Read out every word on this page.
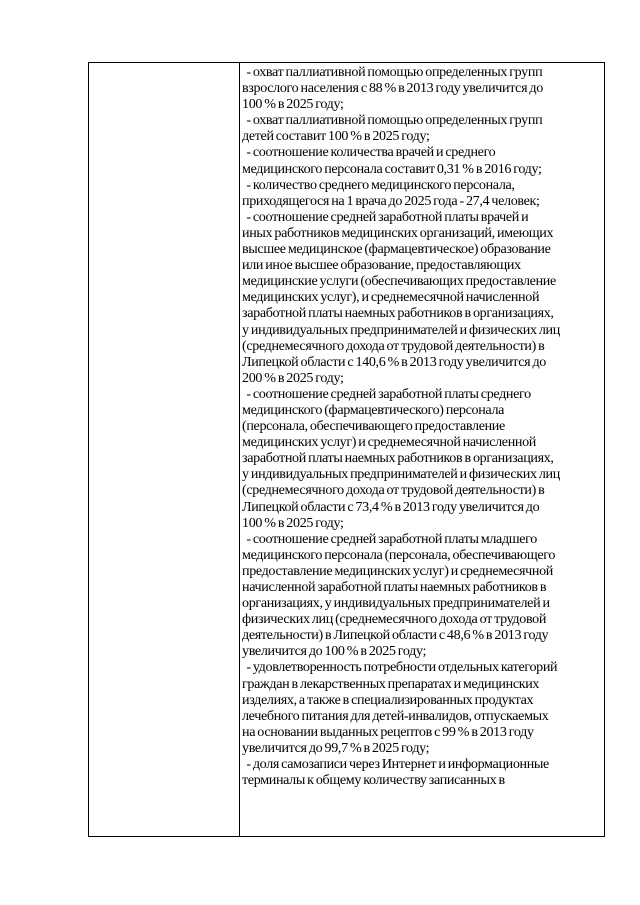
- охват паллиативной помощью определенных групп
взрослого населения с 88 % в 2013 году увеличится до
100 % в 2025 году;
- охват паллиативной помощью определенных групп
детей составит 100 % в 2025 году;
- соотношение количества врачей и среднего
медицинского персонала составит 0,31 % в 2016 году;
- количество среднего медицинского персонала,
приходящегося на 1 врача до 2025 года - 27,4 человек;
- соотношение средней заработной платы врачей и
иных работников медицинских организаций, имеющих
высшее медицинское (фармацевтическое) образование
или иное высшее образование, предоставляющих
медицинские услуги (обеспечивающих предоставление
медицинских услуг), и среднемесячной начисленной
заработной платы наемных работников в организациях,
у индивидуальных предпринимателей и физических лиц
(среднемесячного дохода от трудовой деятельности) в
Липецкой области с 140,6 % в 2013 году увеличится до
200 % в 2025 году;
- соотношение средней заработной платы среднего
медицинского (фармацевтического) персонала
(персонала, обеспечивающего предоставление
медицинских услуг) и среднемесячной начисленной
заработной платы наемных работников в организациях,
у индивидуальных предпринимателей и физических лиц
(среднемесячного дохода от трудовой деятельности) в
Липецкой области с 73,4 % в 2013 году увеличится до
100 % в 2025 году;
- соотношение средней заработной платы младшего
медицинского персонала (персонала, обеспечивающего
предоставление медицинских услуг) и среднемесячной
начисленной заработной платы наемных работников в
организациях, у индивидуальных предпринимателей и
физических лиц (среднемесячного дохода от трудовой
деятельности) в Липецкой области с 48,6 % в 2013 году
увеличится до 100 % в 2025 году;
- удовлетворенность потребности отдельных категорий
граждан в лекарственных препаратах и медицинских
изделиях, а также в специализированных продуктах
лечебного питания для детей-инвалидов, отпускаемых
на основании выданных рецептов с 99 % в 2013 году
увеличится до 99,7 % в 2025 году;
- доля самозаписи через Интернет и информационные
терминалы к общему количеству записанных в
